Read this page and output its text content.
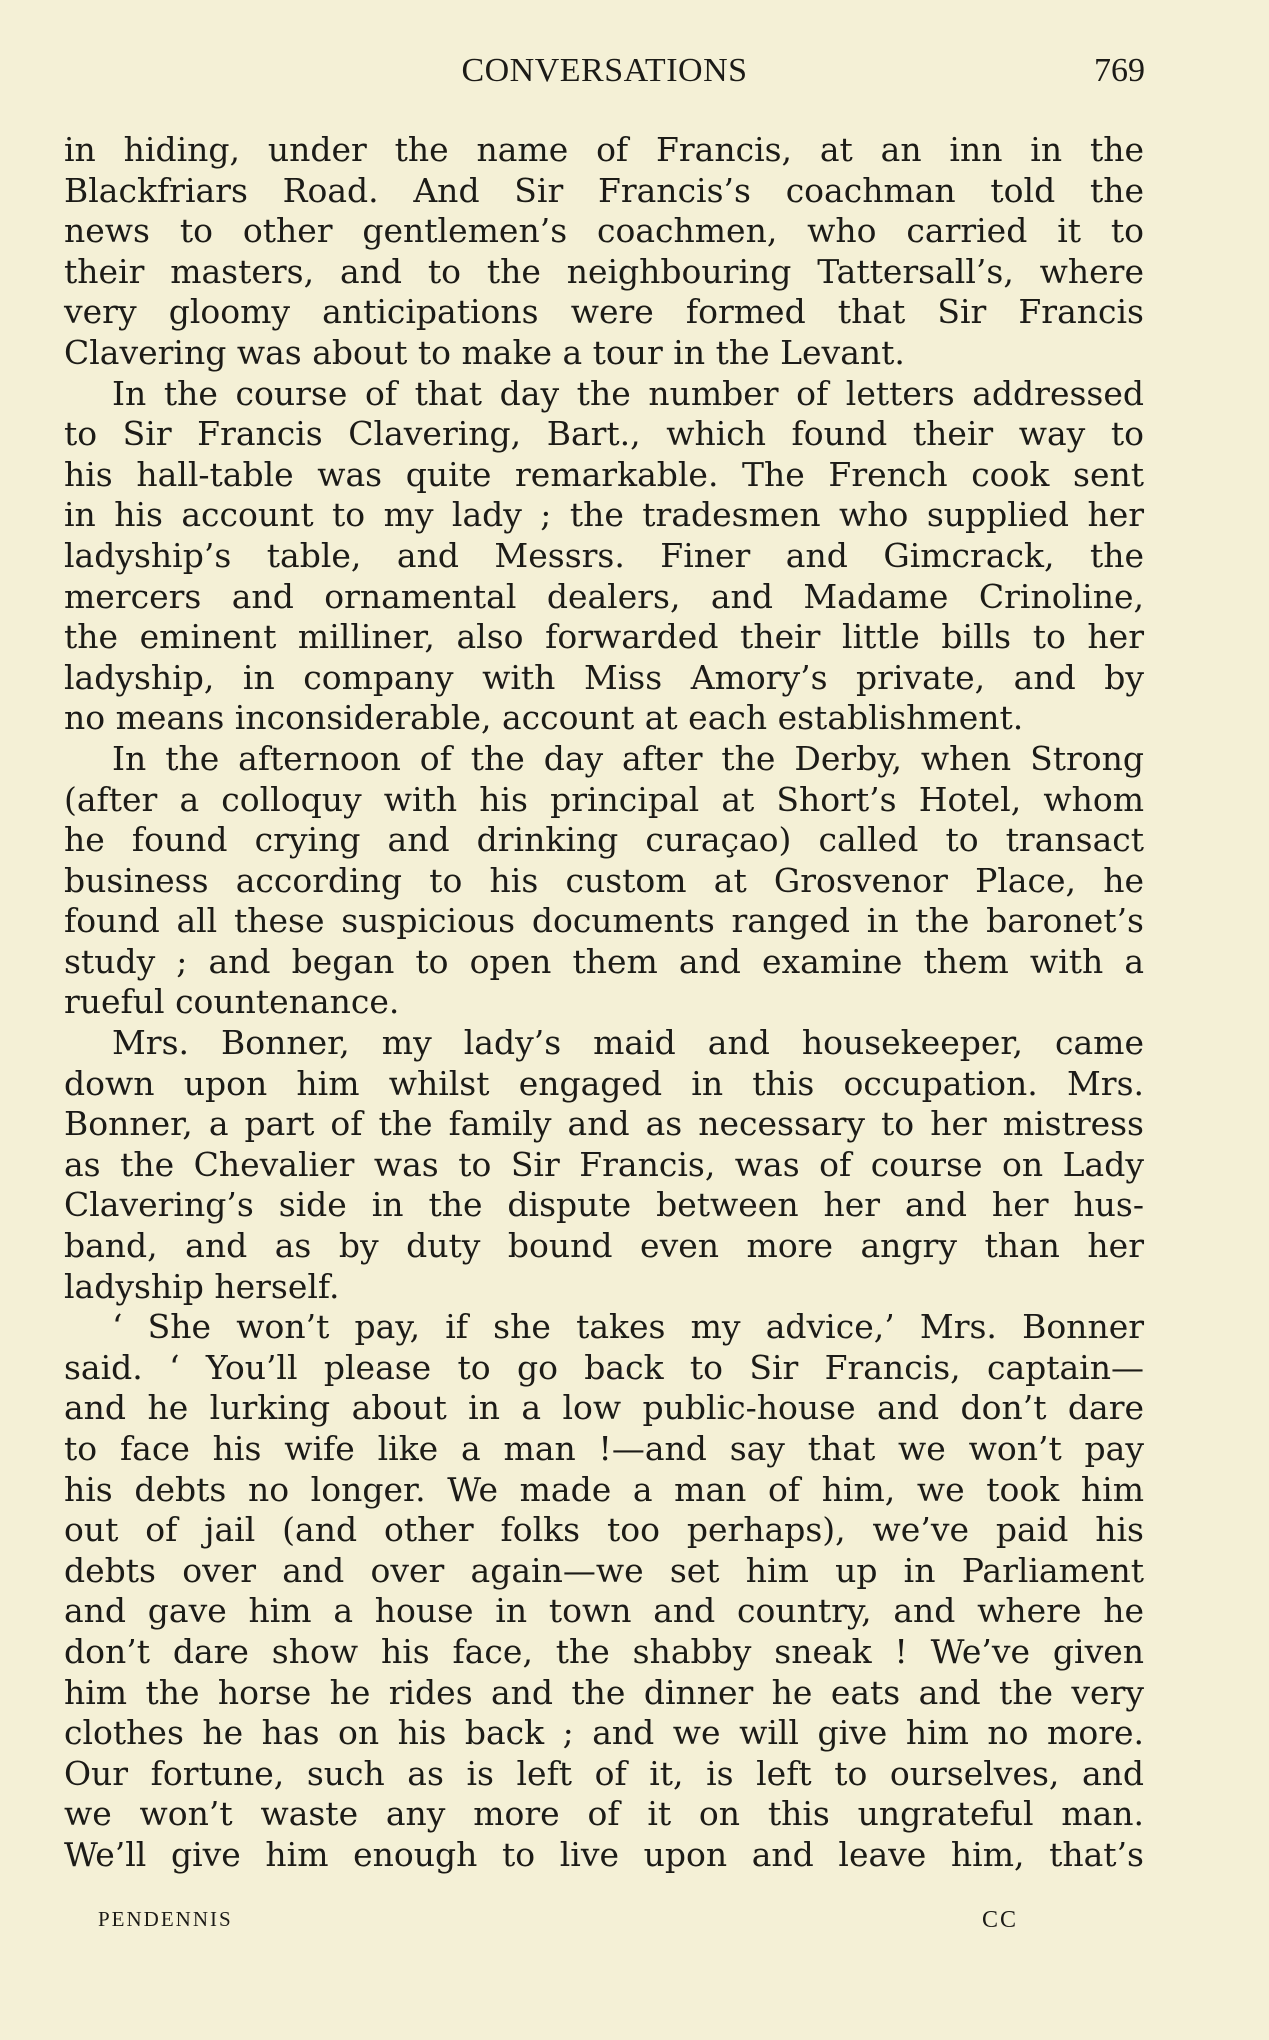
CONVERSATIONS	769
in hiding, under the name of Francis, at an inn in the
Blackfriars Road. And Sir Francis’s coachman told the
news to other gentlemen’s coachmen, who carried it to
their masters, and to the neighbouring Tattersall’s, where
very gloomy anticipations were formed that Sir Francis
Clavering was about to make a tour in the Levant.
In the course of that day the number of letters addressed
to Sir Francis Clavering, Bart., which found their way to
his hall-table was quite remarkable. The French cook sent
in his account to my lady ; the tradesmen who supplied her
ladyship’s table, and Messrs. Finer and Gimcrack, the
mercers and ornamental dealers, and Madame Crinoline,
the eminent milliner, also forwarded their little bills to her
ladyship, in company with Miss Amory’s private, and by
no means inconsiderable, account at each establishment.
In the afternoon of the day after the Derby, when Strong
(after a colloquy with his principal at Short’s Hotel, whom
he found crying and drinking curaçao) called to transact
business according to his custom at Grosvenor Place, he
found all these suspicious documents ranged in the baronet’s
study ; and began to open them and examine them with a
rueful countenance.
Mrs. Bonner, my lady’s maid and housekeeper, came
down upon him whilst engaged in this occupation. Mrs.
Bonner, a part of the family and as necessary to her mistress
as the Chevalier was to Sir Francis, was of course on Lady
Clavering’s side in the dispute between her and her hus-
band, and as by duty bound even more angry than her
ladyship herself.
‘ She won’t pay, if she takes my advice,’ Mrs. Bonner
said. ‘ You’ll please to go back to Sir Francis, captain—
and he lurking about in a low public-house and don’t dare
to face his wife like a man !—and say that we won’t pay
his debts no longer. We made a man of him, we took him
out of jail (and other folks too perhaps), we’ve paid his
debts over and over again—we set him up in Parliament
and gave him a house in town and country, and where he
don’t dare show his face, the shabby sneak ! We’ve given
him the horse he rides and the dinner he eats and the very
clothes he has on his back ; and we will give him no more.
Our fortune, such as is left of it, is left to ourselves, and
we won’t waste any more of it on this ungrateful man.
We’ll give him enough to live upon and leave him, that’s
PENDENNIS	CC
